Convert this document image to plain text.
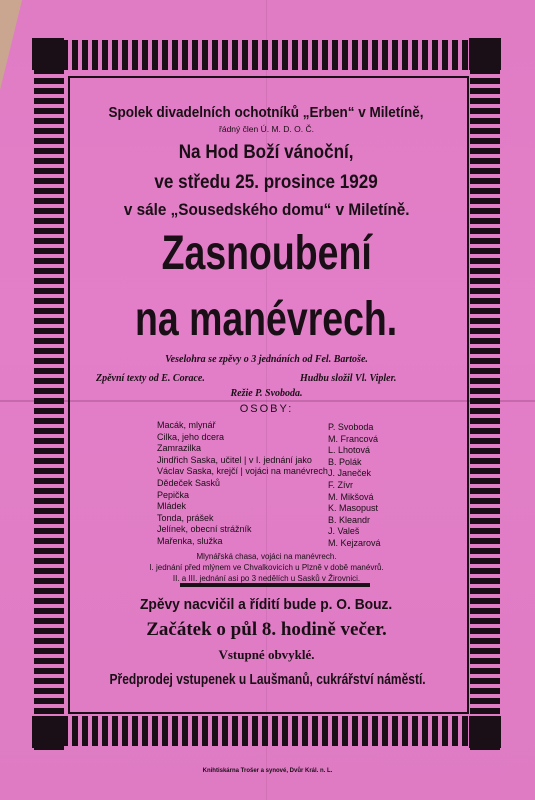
Spolek divadelních ochotníků „Erben“ v Miletíně,
řádný člen Ú. M. D. O. Č.
Na Hod Boží vánoční,
ve středu 25. prosince 1929
v sále „Sousedského domu“ v Miletíně.
Zasnoubení
na manévrech.
Veselohra se zpěvy o 3 jednáních od Fel. Bartoše.
Zpěvní texty od E. Corace.	Hudbu složil Vl. Vipler.
Režie P. Svoboda.
OSOBY:
Macák, mlynář
Cilka, jeho dcera
Zamrazilka
Jindřich Saska, učitel | v I. jednání jako
Václav Saska, krejčí | vojáci na manévrech
Dědeček Sasků
Pepička
Mládek
Tonda, prášek
Jelínek, obecní strážník
Mařenka, služka
P. Svoboda
M. Francová
L. Lhotová
B. Polák
J. Janeček
F. Zívr
M. Mikšová
K. Masopust
B. Kleandr
J. Valeš
M. Kejzarová
Mlynářská chasa, vojáci na manévrech.
I. jednání před mlýnem ve Chvalkovicích u Plzně v době manévrů.
II. a III. jednání asi po 3 nedělích u Sasků v Žirovnici.
Zpěvy nacvičil a řídití bude p. O. Bouz.
Začátek o půl 8. hodině večer.
Vstupné obvyklé.
Předprodej vstupenek u Laušmanů, cukrářství náměstí.
Knihtiskárna Trošer a synové, Dvůr Král. n. L.
